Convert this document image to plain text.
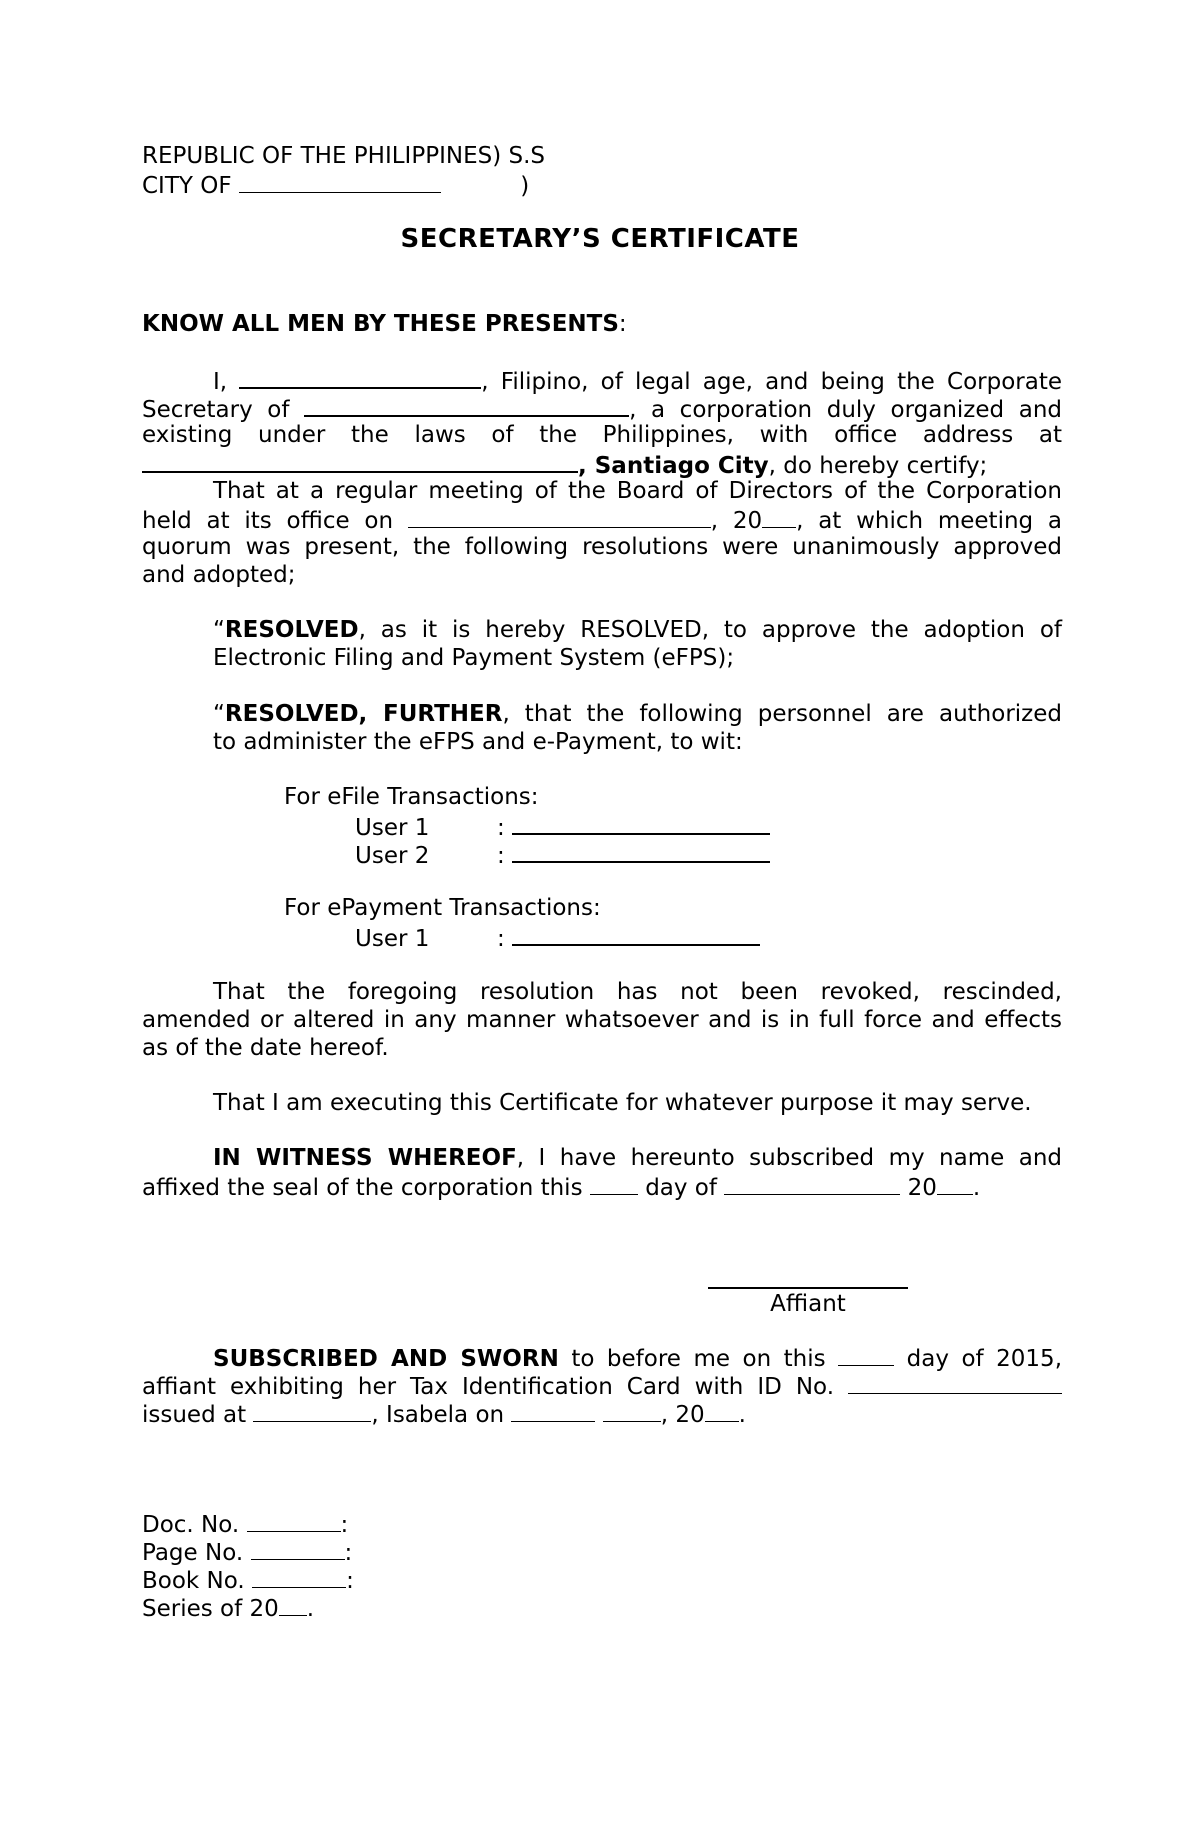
REPUBLIC OF THE PHILIPPINES) S.S
CITY OF	)
SECRETARY’S CERTIFICATE
KNOW ALL MEN BY THESE PRESENTS:
I,	, Filipino, of legal age, and being the Corporate
Secretary of	, a corporation duly organized and
existing under the laws of the Philippines, with office address at
, Santiago City, do hereby certify;
That at a regular meeting of the Board of Directors of the Corporation
held at its office on	, 20 , at which meeting a
quorum was present, the following resolutions were unanimously approved
and adopted;
“RESOLVED, as it is hereby RESOLVED, to approve the adoption of
Electronic Filing and Payment System (eFPS);
“RESOLVED, FURTHER, that the following personnel are authorized
to administer the eFPS and e-Payment, to wit:
For eFile Transactions:
User 1	:
User 2	:
For ePayment Transactions:
User 1	:
That the foregoing resolution has not been revoked, rescinded,
amended or altered in any manner whatsoever and is in full force and effects
as of the date hereof.
That I am executing this Certificate for whatever purpose it may serve.
IN WITNESS WHEREOF, I have hereunto subscribed my name and
affixed the seal of the corporation this	day of	20 .
Affiant
SUBSCRIBED AND SWORN to before me on this	day of 2015,
affiant exhibiting her Tax Identification Card with ID No.
issued at	, Isabela on	, 20 .
Doc. No.	:
Page No.	:
Book No.	:
Series of 20 .
